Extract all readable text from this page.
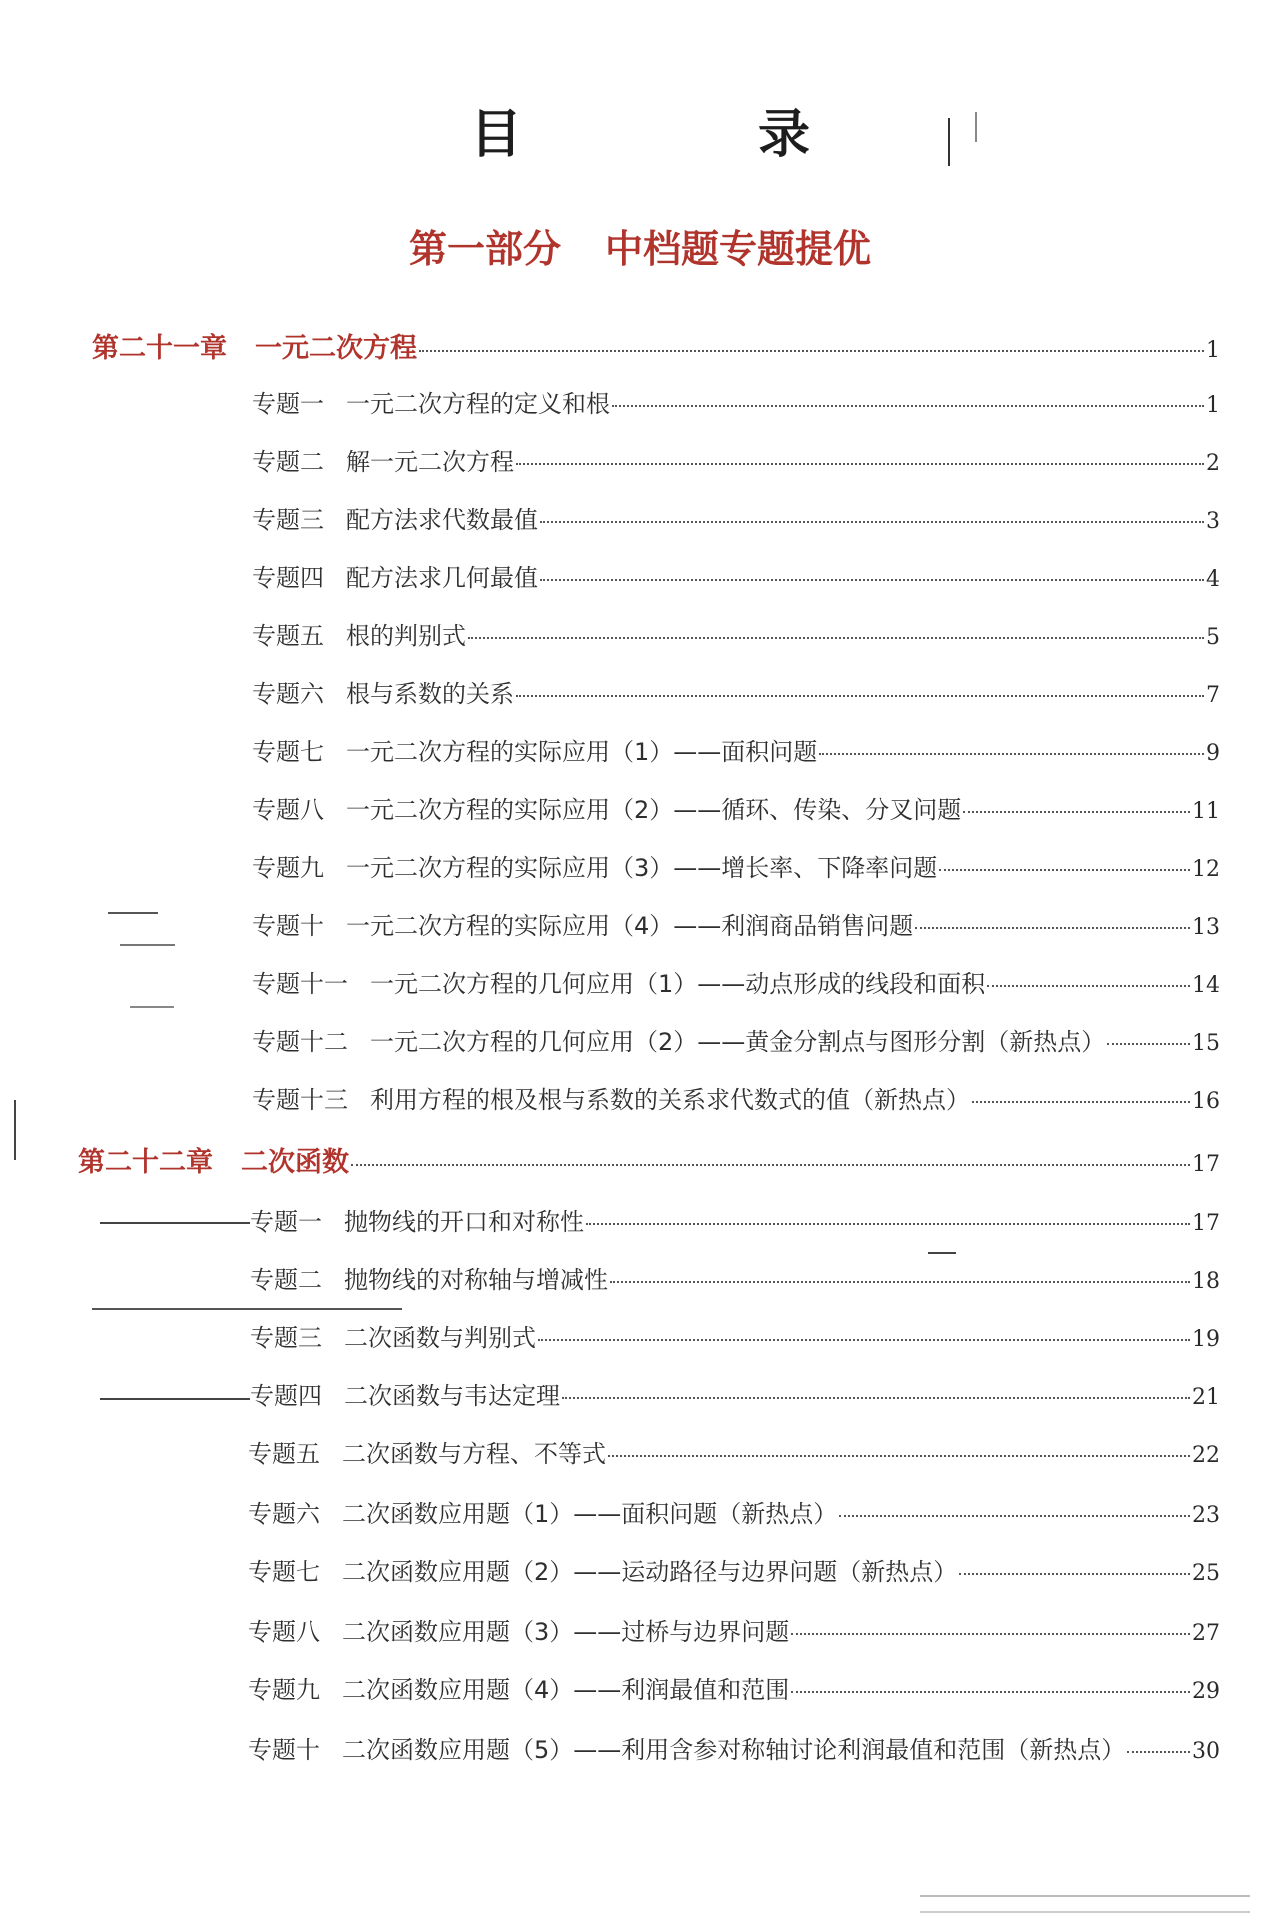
目　录
第一部分 中档题专题提优
第二十一章 一元二次方程	1
专题一 一元二次方程的定义和根	1
专题二 解一元二次方程	2
专题三 配方法求代数最值	3
专题四 配方法求几何最值	4
专题五 根的判别式	5
专题六 根与系数的关系	7
专题七 一元二次方程的实际应用（1）——面积问题	9
专题八 一元二次方程的实际应用（2）——循环、传染、分叉问题	11
专题九 一元二次方程的实际应用（3）——增长率、下降率问题	12
专题十 一元二次方程的实际应用（4）——利润商品销售问题	13
专题十一 一元二次方程的几何应用（1）——动点形成的线段和面积	14
专题十二 一元二次方程的几何应用（2）——黄金分割点与图形分割（新热点）	15
专题十三 利用方程的根及根与系数的关系求代数式的值（新热点）	16
第二十二章 二次函数	17
专题一 抛物线的开口和对称性	17
专题二 抛物线的对称轴与增减性	18
专题三 二次函数与判别式	19
专题四 二次函数与韦达定理	21
专题五 二次函数与方程、不等式	22
专题六 二次函数应用题（1）——面积问题（新热点）	23
专题七 二次函数应用题（2）——运动路径与边界问题（新热点）	25
专题八 二次函数应用题（3）——过桥与边界问题	27
专题九 二次函数应用题（4）——利润最值和范围	29
专题十 二次函数应用题（5）——利用含参对称轴讨论利润最值和范围（新热点）	30
